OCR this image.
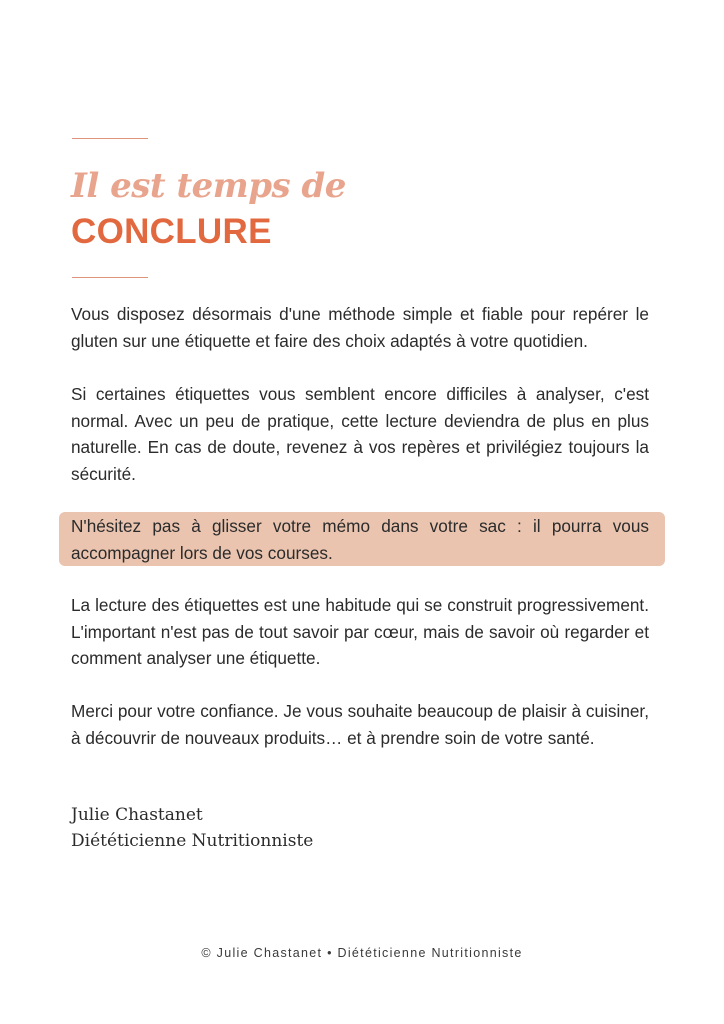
Il est temps de
CONCLURE

Vous disposez désormais d'une méthode simple et fiable pour repérer le gluten sur une étiquette et faire des choix adaptés à votre quotidien.

Si certaines étiquettes vous semblent encore difficiles à analyser, c'est normal. Avec un peu de pratique, cette lecture deviendra de plus en plus naturelle. En cas de doute, revenez à vos repères et privilégiez toujours la sécurité.

N'hésitez pas à glisser votre mémo dans votre sac : il pourra vous accompagner lors de vos courses.

La lecture des étiquettes est une habitude qui se construit progressivement. L'important n'est pas de tout savoir par cœur, mais de savoir où regarder et comment analyser une étiquette.

Merci pour votre confiance. Je vous souhaite beaucoup de plaisir à cuisiner, à découvrir de nouveaux produits… et à prendre soin de votre santé.

Julie Chastanet
Diététicienne Nutritionniste
© Julie Chastanet • Diététicienne Nutritionniste
